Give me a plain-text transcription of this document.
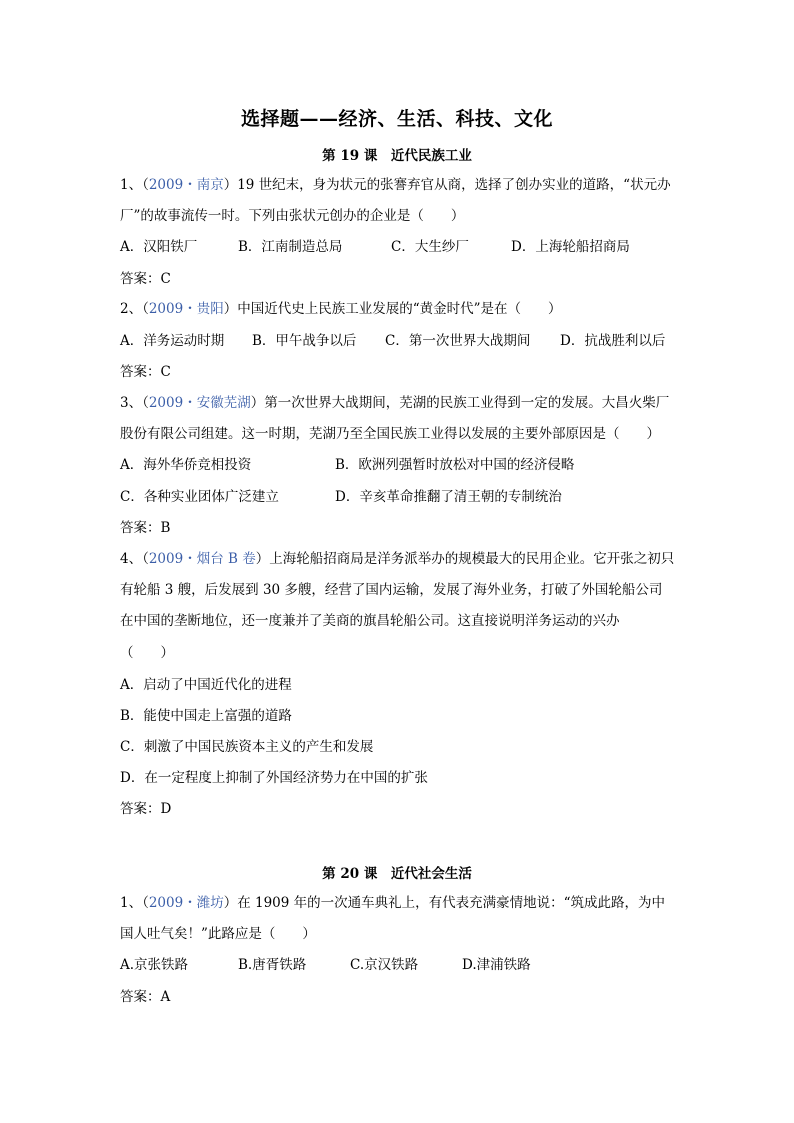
选择题——经济、生活、科技、文化
第 19 课　近代民族工业
1、（2009・南京）19 世纪末，身为状元的张謇弃官从商，选择了创办实业的道路，“状元办
厂”的故事流传一时。下列由张状元创办的企业是（　　）
A．汉阳铁厂	B．江南制造总局	C．大生纱厂	D．上海轮船招商局
答案：C
2、（2009・贵阳）中国近代史上民族工业发展的“黄金时代”是在（　　）
A．洋务运动时期 B．甲午战争以后 C．第一次世界大战期间 D．抗战胜利以后
答案：C
3、（2009・安徽芜湖）第一次世界大战期间，芜湖的民族工业得到一定的发展。大昌火柴厂
股份有限公司组建。这一时期，芜湖乃至全国民族工业得以发展的主要外部原因是（　　）
A．海外华侨竞相投资	B．欧洲列强暂时放松对中国的经济侵略
C．各种实业团体广泛建立	D．辛亥革命推翻了清王朝的专制统治
答案：B
4、（2009・烟台 B 卷）上海轮船招商局是洋务派举办的规模最大的民用企业。它开张之初只
有轮船 3 艘，后发展到 30 多艘，经营了国内运输，发展了海外业务，打破了外国轮船公司
在中国的垄断地位，还一度兼并了美商的旗昌轮船公司。这直接说明洋务运动的兴办
（　　）
A．启动了中国近代化的进程
B．能使中国走上富强的道路
C．刺激了中国民族资本主义的产生和发展
D．在一定程度上抑制了外国经济势力在中国的扩张
答案：D
第 20 课　近代社会生活
1、（2009・潍坊）在 1909 年的一次通车典礼上，有代表充满豪情地说：“筑成此路，为中
国人吐气矣！”此路应是（　　）
A.京张铁路	B.唐胥铁路	C.京汉铁路	D.津浦铁路
答案：A
